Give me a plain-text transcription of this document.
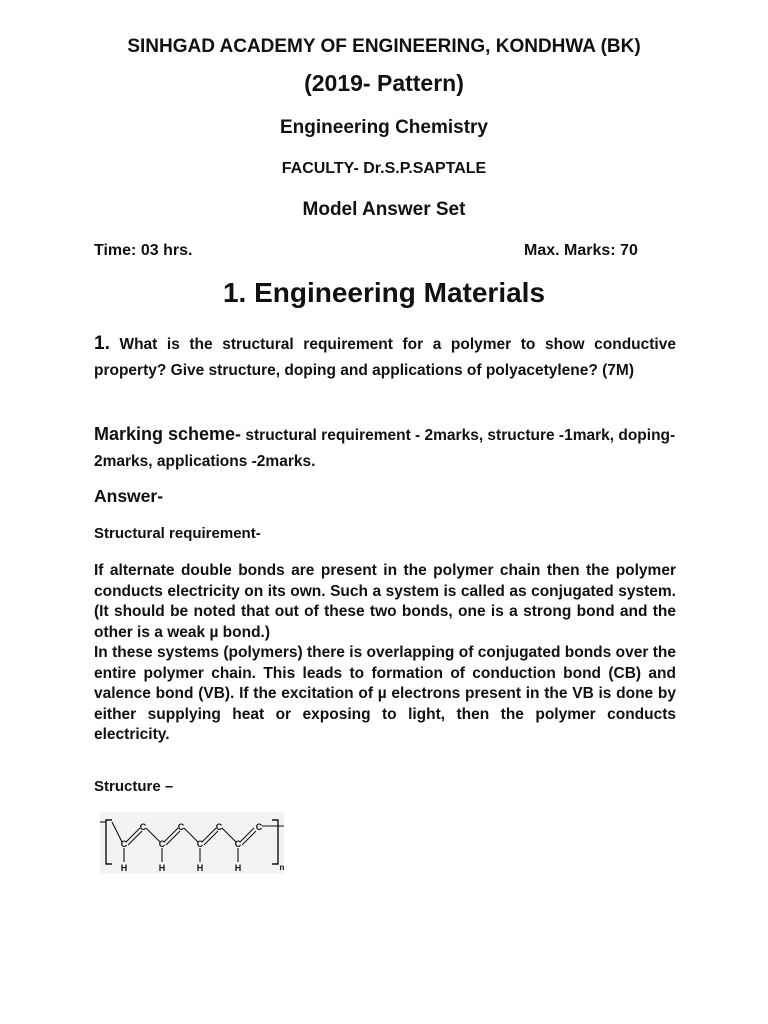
SINHGAD ACADEMY OF ENGINEERING, KONDHWA (BK)
(2019- Pattern)
Engineering Chemistry
FACULTY- Dr.S.P.SAPTALE
Model Answer Set
Time: 03 hrs.	Max. Marks: 70
1. Engineering Materials
1. What is the structural requirement for a polymer to show conductive property? Give structure, doping and applications of polyacetylene? (7M)
Marking scheme- structural requirement - 2marks, structure -1mark, doping-2marks, applications -2marks.
Answer-
Structural requirement-

If alternate double bonds are present in the polymer chain then the polymer conducts electricity on its own. Such a system is called as conjugated system. (It should be noted that out of these two bonds, one is a strong bond and the other is a weak µ bond.)

In these systems (polymers) there is overlapping of conjugated bonds over the entire polymer chain. This leads to formation of conduction bond (CB) and valence bond (VB). If the excitation of µ electrons present in the VB is done by either supplying heat or exposing to light, then the polymer conducts electricity.

Structure –
C
C
C
C
C
C
C
C
H	H	H	H	n
